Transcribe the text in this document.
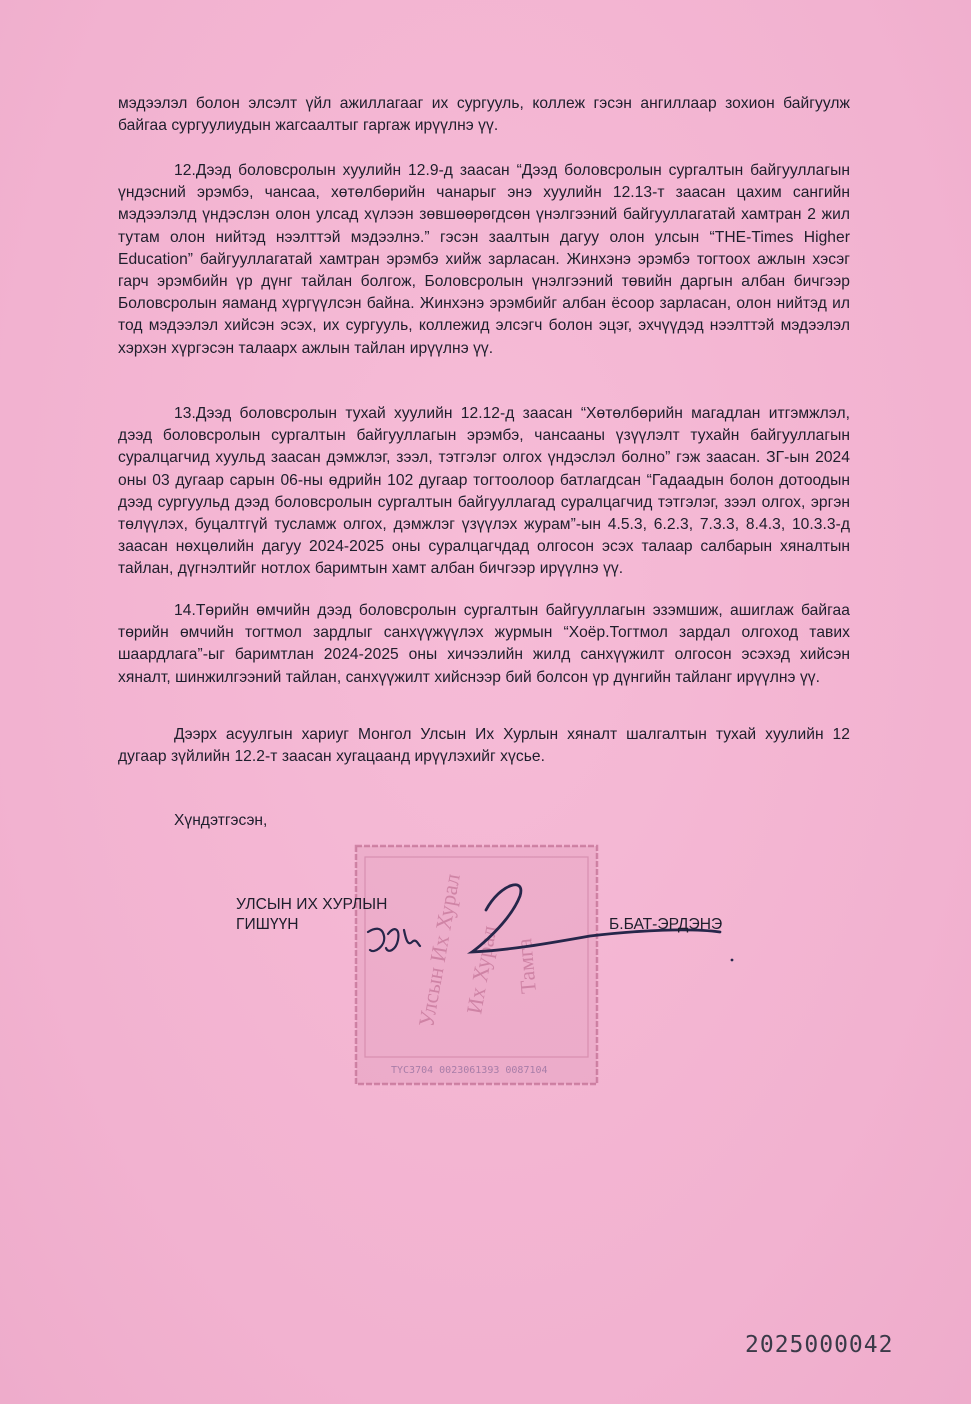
мэдээлэл болон элсэлт үйл ажиллагааг их сургууль, коллеж гэсэн ангиллаар зохион байгуулж байгаа сургуулиудын жагсаалтыг гаргаж ирүүлнэ үү.

12.Дээд боловсролын хуулийн 12.9-д заасан “Дээд боловсролын сургалтын байгууллагын үндэсний эрэмбэ, чансаа, хөтөлбөрийн чанарыг энэ хуулийн 12.13-т заасан цахим сангийн мэдээлэлд үндэслэн олон улсад хүлээн зөвшөөрөгдсөн үнэлгээний байгууллагатай хамтран 2 жил тутам олон нийтэд нээлттэй мэдээлнэ.” гэсэн заалтын дагуу олон улсын “THE-Times Higher Education” байгууллагатай хамтран эрэмбэ хийж зарласан. Жинхэнэ эрэмбэ тогтоох ажлын хэсэг гарч эрэмбийн үр дүнг тайлан болгож, Боловсролын үнэлгээний төвийн даргын албан бичгээр Боловсролын яаманд хүргүүлсэн байна. Жинхэнэ эрэмбийг албан ёсоор зарласан, олон нийтэд ил тод мэдээлэл хийсэн эсэх, их сургууль, коллежид элсэгч болон эцэг, эхчүүдэд нээлттэй мэдээлэл хэрхэн хүргэсэн талаарх ажлын тайлан ирүүлнэ үү.

13.Дээд боловсролын тухай хуулийн 12.12-д заасан “Хөтөлбөрийн магадлан итгэмжлэл, дээд боловсролын сургалтын байгууллагын эрэмбэ, чансааны үзүүлэлт тухайн байгууллагын суралцагчид хуульд заасан дэмжлэг, зээл, тэтгэлэг олгох үндэслэл болно” гэж заасан. ЗГ-ын 2024 оны 03 дугаар сарын 06-ны өдрийн 102 дугаар тогтоолоор батлагдсан “Гадаадын болон дотоодын дээд сургуульд дээд боловсролын сургалтын байгууллагад суралцагчид тэтгэлэг, зээл олгох, эргэн төлүүлэх, буцалтгүй тусламж олгох, дэмжлэг үзүүлэх журам”-ын 4.5.3, 6.2.3, 7.3.3, 8.4.3, 10.3.3-д заасан нөхцөлийн дагуу 2024-2025 оны суралцагчдад олгосон эсэх талаар салбарын хяналтын тайлан, дүгнэлтийг нотлох баримтын хамт албан бичгээр ирүүлнэ үү.

14.Төрийн өмчийн дээд боловсролын сургалтын байгууллагын эзэмшиж, ашиглаж байгаа төрийн өмчийн тогтмол зардлыг санхүүжүүлэх журмын “Хоёр.Тогтмол зардал олгоход тавих шаардлага”-ыг баримтлан 2024-2025 оны хичээлийн жилд санхүүжилт олгосон эсэхэд хийсэн хяналт, шинжилгээний тайлан, санхүүжилт хийснээр бий болсон үр дүнгийн тайланг ирүүлнэ үү.

Дээрх асуулгын хариуг Монгол Улсын Их Хурлын хяналт шалгалтын тухай хуулийн 12 дугаар зүйлийн 12.2-т заасан хугацаанд ирүүлэхийг хүсье.

Хүндэтгэсэн,
Улсын Их Хурал
Их Хурал Тамга
ТҮС3704 0023061393 0087104
УЛСЫН ИХ ХУРЛЫН
ГИШҮҮН	Б.БАТ-ЭРДЭНЭ
2025000042
